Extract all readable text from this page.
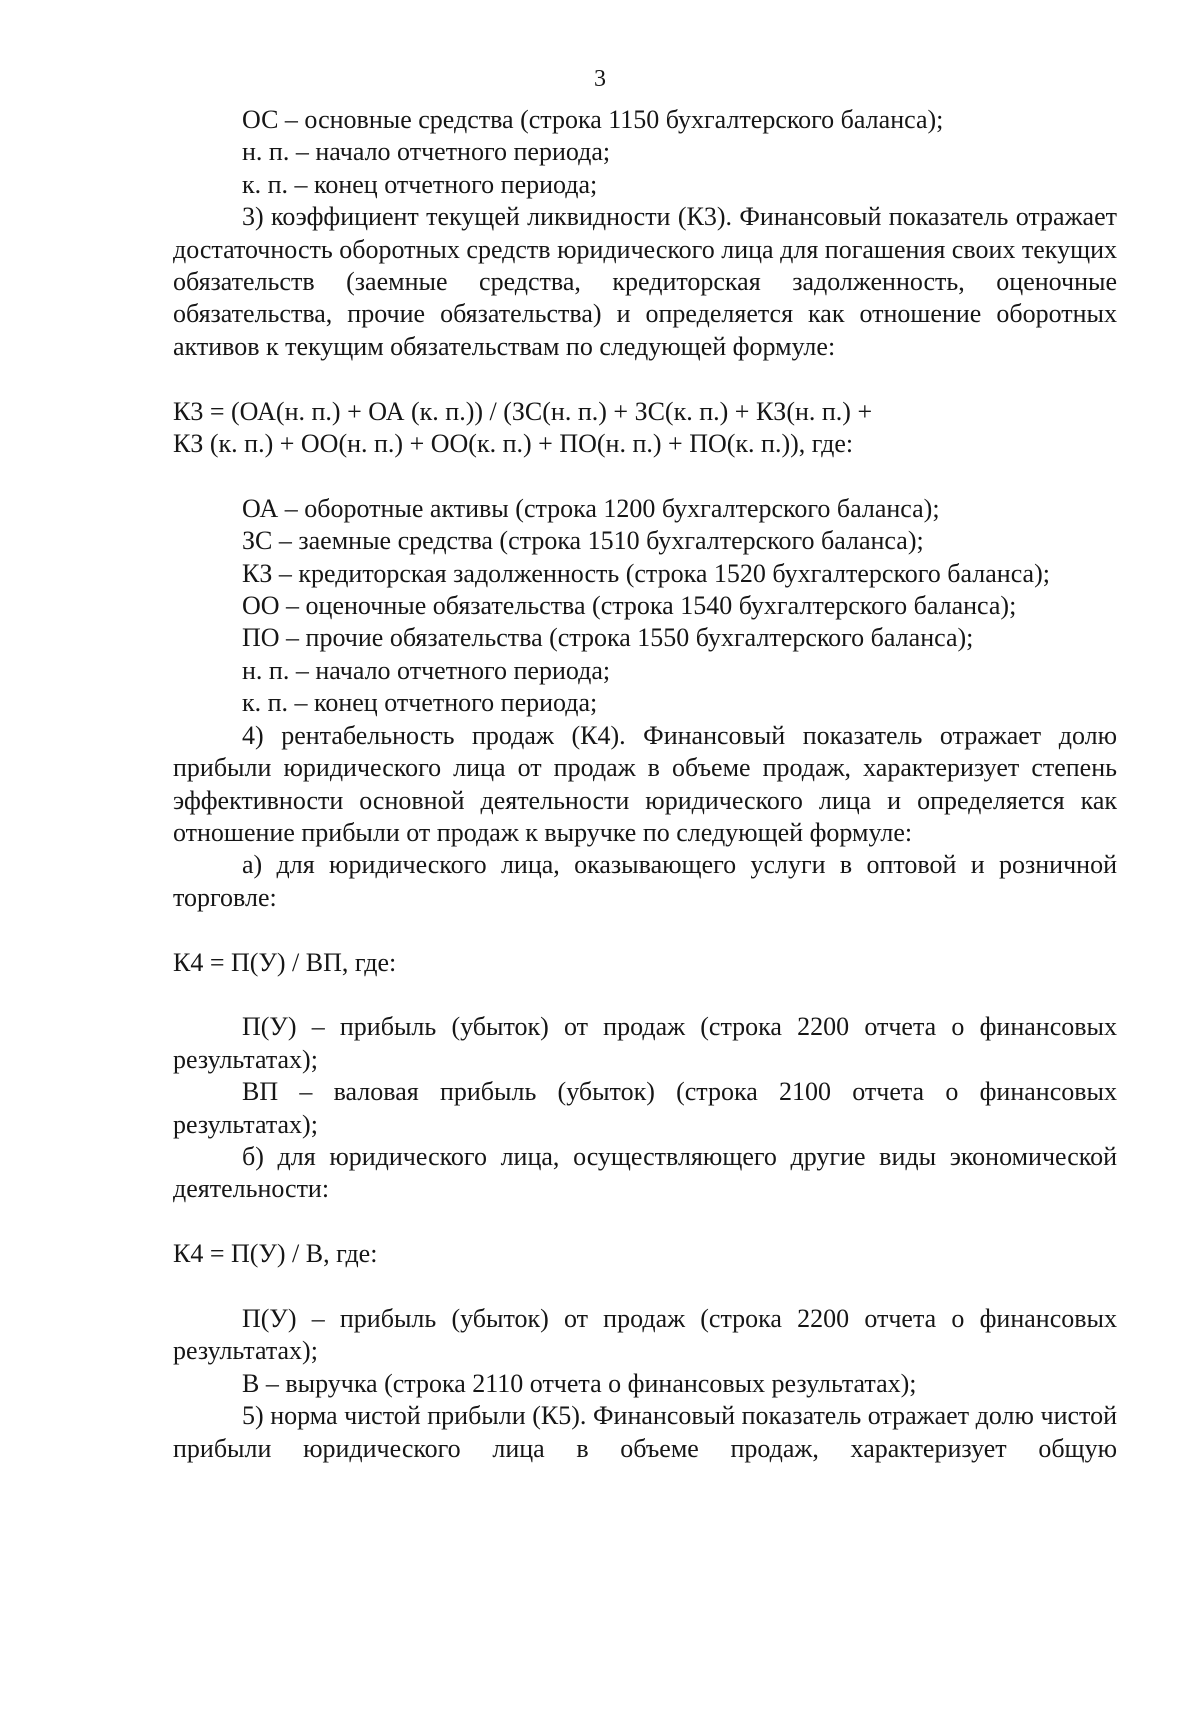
3

ОС – основные средства (строка 1150 бухгалтерского баланса);

н. п. – начало отчетного периода;

к. п. – конец отчетного периода;

3) коэффициент текущей ликвидности (К3). Финансовый показатель отражает достаточность оборотных средств юридического лица для погашения своих текущих обязательств (заемные средства, кредиторская задолженность, оценочные обязательства, прочие обязательства) и определяется как отношение оборотных активов к текущим обязательствам по следующей формуле:

К3 = (ОА(н. п.) + ОА (к. п.)) / (ЗС(н. п.) + ЗС(к. п.) + КЗ(н. п.) +

КЗ (к. п.) + ОО(н. п.) + ОО(к. п.) + ПО(н. п.) + ПО(к. п.)), где:

ОА – оборотные активы (строка 1200 бухгалтерского баланса);

ЗС – заемные средства (строка 1510 бухгалтерского баланса);

КЗ – кредиторская задолженность (строка 1520 бухгалтерского баланса);

ОО – оценочные обязательства (строка 1540 бухгалтерского баланса);

ПО – прочие обязательства (строка 1550 бухгалтерского баланса);

н. п. – начало отчетного периода;

к. п. – конец отчетного периода;

4) рентабельность продаж (К4). Финансовый показатель отражает долю прибыли юридического лица от продаж в объеме продаж, характеризует степень эффективности основной деятельности юридического лица и определяется как отношение прибыли от продаж к выручке по следующей формуле:

а) для юридического лица, оказывающего услуги в оптовой и розничной торговле:

К4 = П(У) / ВП, где:

П(У) – прибыль (убыток) от продаж (строка 2200 отчета о финансовых результатах);

ВП – валовая прибыль (убыток) (строка 2100 отчета о финансовых результатах);

б) для юридического лица, осуществляющего другие виды экономической деятельности:

К4 = П(У) / В, где:

П(У) – прибыль (убыток) от продаж (строка 2200 отчета о финансовых результатах);

В – выручка (строка 2110 отчета о финансовых результатах);

5) норма чистой прибыли (К5). Финансовый показатель отражает долю чистой прибыли юридического лица в объеме продаж, характеризует общую
